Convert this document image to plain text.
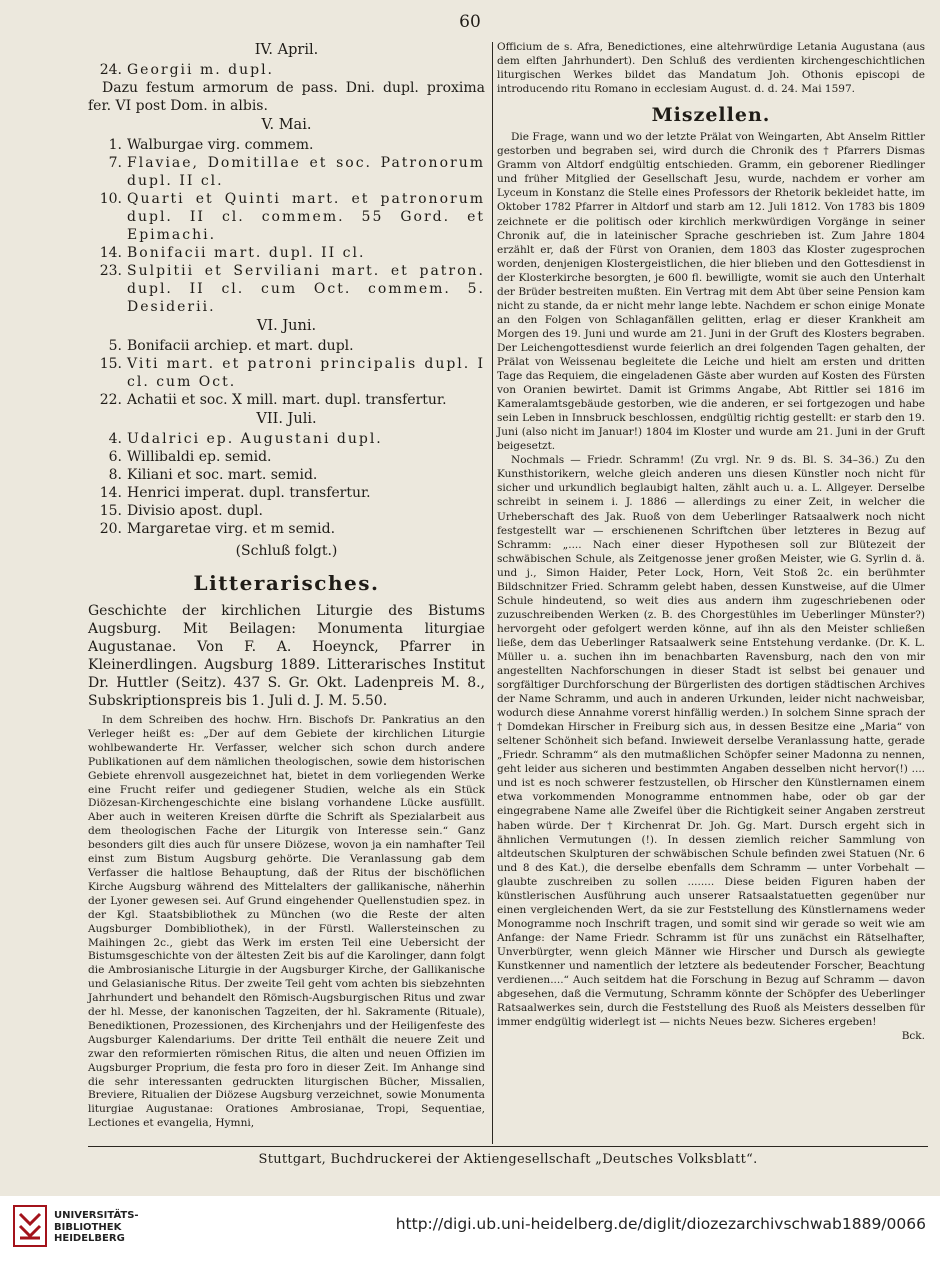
60
IV. April.
24. Georgii m. dupl.

Dazu festum armorum de pass. Dni. dupl. proxima fer. VI post Dom. in albis.

V. Mai.
1. Walburgae virg. commem.
7. Flaviae, Domitillae et soc. Patronorum dupl. II cl.
10. Quarti et Quinti mart. et patronorum dupl. II cl. commem. 55 Gord. et Epimachi.
14. Bonifacii mart. dupl. II cl.
23. Sulpitii et Serviliani mart. et patron. dupl. II cl. cum Oct. commem. 5. Desiderii.
VI. Juni.
5. Bonifacii archiep. et mart. dupl.
15. Viti mart. et patroni principalis dupl. I cl. cum Oct.
22. Achatii et soc. X mill. mart. dupl. transfertur.
VII. Juli.
4. Udalrici ep. Augustani dupl.
6. Willibaldi ep. semid.
8. Kiliani et soc. mart. semid.
14. Henrici imperat. dupl. transfertur.
15. Divisio apost. dupl.
20. Margaretae virg. et m semid.

(Schluß folgt.)

Litterarisches.

Geschichte der kirchlichen Liturgie des Bistums Augsburg. Mit Beilagen: Monumenta liturgiae Augustanae. Von F. A. Hoeynck, Pfarrer in Kleinerdlingen. Augsburg 1889. Litterarisches Institut Dr. Huttler (Seitz). 437 S. Gr. Okt. Ladenpreis M. 8., Subskriptionspreis bis 1. Juli d. J. M. 5.50.

In dem Schreiben des hochw. Hrn. Bischofs Dr. Pankratius an den Verleger heißt es: „Der auf dem Gebiete der kirchlichen Liturgie wohlbewanderte Hr. Verfasser, welcher sich schon durch andere Publikationen auf dem nämlichen theologischen, sowie dem historischen Gebiete ehrenvoll ausgezeichnet hat, bietet in dem vorliegenden Werke eine Frucht reifer und gediegener Studien, welche als ein Stück Diözesan-Kirchengeschichte eine bislang vorhandene Lücke ausfüllt. Aber auch in weiteren Kreisen dürfte die Schrift als Spezialarbeit aus dem theologischen Fache der Liturgik von Interesse sein.“ Ganz besonders gilt dies auch für unsere Diözese, wovon ja ein namhafter Teil einst zum Bistum Augsburg gehörte. Die Veranlassung gab dem Verfasser die haltlose Behauptung, daß der Ritus der bischöflichen Kirche Augsburg während des Mittelalters der gallikanische, näherhin der Lyoner gewesen sei. Auf Grund eingehender Quellenstudien spez. in der Kgl. Staatsbibliothek zu München (wo die Reste der alten Augsburger Dombibliothek), in der Fürstl. Wallersteinschen zu Maihingen 2c., giebt das Werk im ersten Teil eine Uebersicht der Bistumsgeschichte von der ältesten Zeit bis auf die Karolinger, dann folgt die Ambrosianische Liturgie in der Augsburger Kirche, der Gallikanische und Gelasianische Ritus. Der zweite Teil geht vom achten bis siebzehnten Jahrhundert und behandelt den Römisch-Augsburgischen Ritus und zwar der hl. Messe, der kanonischen Tagzeiten, der hl. Sakramente (Rituale), Benediktionen, Prozessionen, des Kirchenjahrs und der Heiligenfeste des Augsburger Kalendariums. Der dritte Teil enthält die neuere Zeit und zwar den reformierten römischen Ritus, die alten und neuen Offizien im Augsburger Proprium, die festa pro foro in dieser Zeit. Im Anhange sind die sehr interessanten gedruckten liturgischen Bücher, Missalien, Breviere, Ritualien der Diözese Augsburg verzeichnet, sowie Monumenta liturgiae Augustanae: Orationes Ambrosianae, Tropi, Sequentiae, Lectiones et evangelia, Hymni,

Officium de s. Afra, Benedictiones, eine altehrwürdige Letania Augustana (aus dem elften Jahrhundert). Den Schluß des verdienten kirchengeschichtlichen liturgischen Werkes bildet das Mandatum Joh. Othonis episcopi de introducendo ritu Romano in ecclesiam August. d. d. 24. Mai 1597.

Miszellen.

Die Frage, wann und wo der letzte Prälat von Weingarten, Abt Anselm Rittler gestorben und begraben sei, wird durch die Chronik des † Pfarrers Dismas Gramm von Altdorf endgültig entschieden. Gramm, ein geborener Riedlinger und früher Mitglied der Gesellschaft Jesu, wurde, nachdem er vorher am Lyceum in Konstanz die Stelle eines Professors der Rhetorik bekleidet hatte, im Oktober 1782 Pfarrer in Altdorf und starb am 12. Juli 1812. Von 1783 bis 1809 zeichnete er die politisch oder kirchlich merkwürdigen Vorgänge in seiner Chronik auf, die in lateinischer Sprache geschrieben ist. Zum Jahre 1804 erzählt er, daß der Fürst von Oranien, dem 1803 das Kloster zugesprochen worden, denjenigen Klostergeistlichen, die hier blieben und den Gottesdienst in der Klosterkirche besorgten, je 600 fl. bewilligte, womit sie auch den Unterhalt der Brüder bestreiten mußten. Ein Vertrag mit dem Abt über seine Pension kam nicht zu stande, da er nicht mehr lange lebte. Nachdem er schon einige Monate an den Folgen von Schlaganfällen gelitten, erlag er dieser Krankheit am Morgen des 19. Juni und wurde am 21. Juni in der Gruft des Klosters begraben. Der Leichengottesdienst wurde feierlich an drei folgenden Tagen gehalten, der Prälat von Weissenau begleitete die Leiche und hielt am ersten und dritten Tage das Requiem, die eingeladenen Gäste aber wurden auf Kosten des Fürsten von Oranien bewirtet. Damit ist Grimms Angabe, Abt Rittler sei 1816 im Kameralamtsgebäude gestorben, wie die anderen, er sei fortgezogen und habe sein Leben in Innsbruck beschlossen, endgültig richtig gestellt: er starb den 19. Juni (also nicht im Januar!) 1804 im Kloster und wurde am 21. Juni in der Gruft beigesetzt.

Nochmals — Friedr. Schramm! (Zu vrgl. Nr. 9 ds. Bl. S. 34–36.) Zu den Kunsthistorikern, welche gleich anderen uns diesen Künstler noch nicht für sicher und urkundlich beglaubigt halten, zählt auch u. a. L. Allgeyer. Derselbe schreibt in seinem i. J. 1886 — allerdings zu einer Zeit, in welcher die Urheberschaft des Jak. Ruoß von dem Ueberlinger Ratsaalwerk noch nicht festgestellt war — erschienenen Schriftchen über letzteres in Bezug auf Schramm: „.... Nach einer dieser Hypothesen soll zur Blütezeit der schwäbischen Schule, als Zeitgenosse jener großen Meister, wie G. Syrlin d. ä. und j., Simon Haider, Peter Lock, Horn, Veit Stoß 2c. ein berühmter Bildschnitzer Fried. Schramm gelebt haben, dessen Kunstweise, auf die Ulmer Schule hindeutend, so weit dies aus andern ihm zugeschriebenen oder zuzuschreibenden Werken (z. B. des Chorgestühles im Ueberlinger Münster?) hervorgeht oder gefolgert werden könne, auf ihn als den Meister schließen ließe, dem das Ueberlinger Ratsaalwerk seine Entstehung verdanke. (Dr. K. L. Müller u. a. suchen ihn im benachbarten Ravensburg, nach den von mir angestellten Nachforschungen in dieser Stadt ist selbst bei genauer und sorgfältiger Durchforschung der Bürgerlisten des dortigen städtischen Archives der Name Schramm, und auch in anderen Urkunden, leider nicht nachweisbar, wodurch diese Annahme vorerst hinfällig werden.) In solchem Sinne sprach der † Domdekan Hirscher in Freiburg sich aus, in dessen Besitze eine „Maria“ von seltener Schönheit sich befand. Inwieweit derselbe Veranlassung hatte, gerade „Friedr. Schramm“ als den mutmaßlichen Schöpfer seiner Madonna zu nennen, geht leider aus sicheren und bestimmten Angaben desselben nicht hervor(!) .... und ist es noch schwerer festzustellen, ob Hirscher den Künstlernamen einem etwa vorkommenden Monogramme entnommen habe, oder ob gar der eingegrabene Name alle Zweifel über die Richtigkeit seiner Angaben zerstreut haben würde. Der † Kirchenrat Dr. Joh. Gg. Mart. Dursch ergeht sich in ähnlichen Vermutungen (!). In dessen ziemlich reicher Sammlung von altdeutschen Skulpturen der schwäbischen Schule befinden zwei Statuen (Nr. 6 und 8 des Kat.), die derselbe ebenfalls dem Schramm — unter Vorbehalt — glaubte zuschreiben zu sollen ........ Diese beiden Figuren haben der künstlerischen Ausführung auch unserer Ratsaalstatuetten gegenüber nur einen vergleichenden Wert, da sie zur Feststellung des Künstlernamens weder Monogramme noch Inschrift tragen, und somit sind wir gerade so weit wie am Anfange: der Name Friedr. Schramm ist für uns zunächst ein Rätselhafter, Unverbürgter, wenn gleich Männer wie Hirscher und Dursch als gewiegte Kunstkenner und namentlich der letztere als bedeutender Forscher, Beachtung verdienen....“ Auch seitdem hat die Forschung in Bezug auf Schramm — davon abgesehen, daß die Vermutung, Schramm könnte der Schöpfer des Ueberlinger Ratsaalwerkes sein, durch die Feststellung des Ruoß als Meisters desselben für immer endgültig widerlegt ist — nichts Neues bezw. Sicheres ergeben!

Bck.

Stuttgart, Buchdruckerei der Aktiengesellschaft „Deutsches Volksblatt“.
UNIVERSITÄTS-
BIBLIOTHEK
HEIDELBERG
http://digi.ub.uni-heidelberg.de/diglit/diozezarchivschwab1889/0066
